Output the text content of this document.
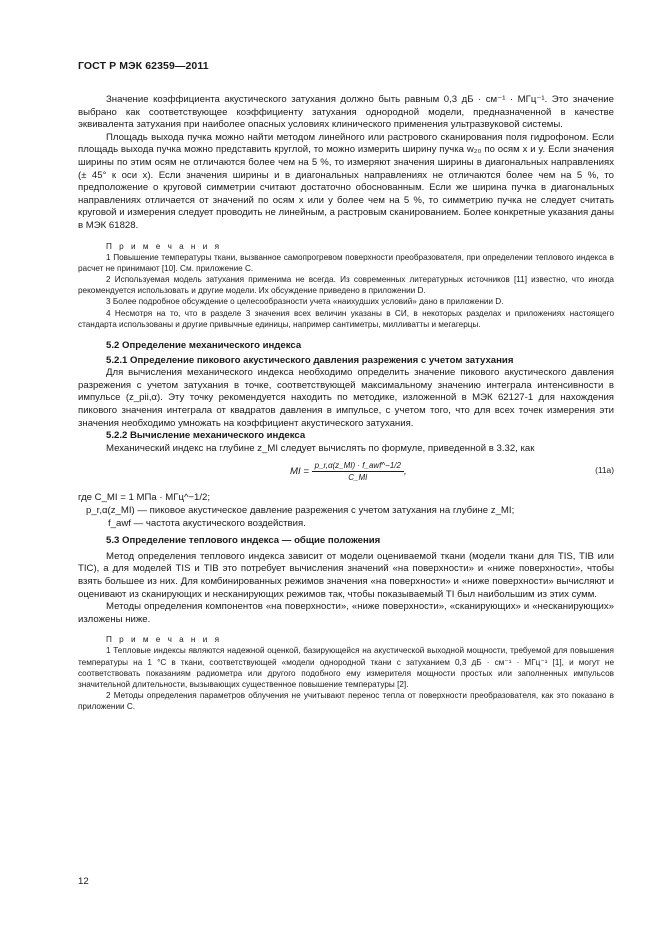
ГОСТ Р МЭК 62359—2011

Значение коэффициента акустического затухания должно быть равным 0,3 дБ · см⁻¹ · МГц⁻¹. Это значение выбрано как соответствующее коэффициенту затухания однородной модели, предназначенной в качестве эквивалента затухания при наиболее опасных условиях клинического применения ультразвуковой системы.

Площадь выхода пучка можно найти методом линейного или растрового сканирования поля гидрофоном. Если площадь выхода пучка можно представить круглой, то можно измерить ширину пучка w₂₀ по осям x и y. Если значения ширины по этим осям не отличаются более чем на 5 %, то измеряют значения ширины в диагональных направлениях (± 45° к оси x). Если значения ширины и в диагональных направлениях не отличаются более чем на 5 %, то предположение о круговой симметрии считают достаточно обоснованным. Если же ширина пучка в диагональных направлениях отличается от значений по осям x или y более чем на 5 %, то симметрию пучка не следует считать круговой и измерения следует проводить не линейным, а растровым сканированием. Более конкретные указания даны в МЭК 61828.

П р и м е ч а н и я
1 Повышение температуры ткани, вызванное самопрогревом поверхности преобразователя, при определении теплового индекса в расчет не принимают [10]. См. приложение С.
2 Используемая модель затухания применима не всегда. Из современных литературных источников [11] известно, что иногда рекомендуется использовать и другие модели. Их обсуждение приведено в приложении D.
3 Более подробное обсуждение о целесообразности учета «наихудших условий» дано в приложении D.
4 Несмотря на то, что в разделе 3 значения всех величин указаны в СИ, в некоторых разделах и приложениях настоящего стандарта использованы и другие привычные единицы, например сантиметры, милливатты и мегагерцы.
5.2 Определение механического индекса
5.2.1 Определение пикового акустического давления разрежения с учетом затухания

Для вычисления механического индекса необходимо определить значение пикового акустического давления разрежения с учетом затухания в точке, соответствующей максимальному значению интеграла интенсивности в импульсе (z_pii,α). Эту точку рекомендуется находить по методике, изложенной в МЭК 62127-1 для нахождения пикового значения интеграла от квадратов давления в импульсе, с учетом того, что для всех точек измерения эти значения необходимо умножать на коэффициент акустического затухания.

5.2.2 Вычисление механического индекса

Механический индекс на глубине z_MI следует вычислять по формуле, приведенной в 3.32, как

MI = $\frac{\text{p\_r,α(z\_MI) · f\_awf\textasciicircum{}−1/2}}{C\_MI}$ ,	(11а)

где C_MI = 1 МПа · МГц^−1/2;

p_r,α(z_MI) — пиковое акустическое давление разрежения с учетом затухания на глубине z_MI;

f_awf — частота акустического воздействия.

5.3 Определение теплового индекса — общие положения

Метод определения теплового индекса зависит от модели оцениваемой ткани (модели ткани для TIS, TIB или TIC), а для моделей TIS и TIB это потребует вычисления значений «на поверхности» и «ниже поверхности», чтобы взять большее из них. Для комбинированных режимов значения «на поверхности» и «ниже поверхности» вычисляют и оценивают из сканирующих и несканирующих режимов так, чтобы показываемый TI был наибольшим из этих сумм.

Методы определения компонентов «на поверхности», «ниже поверхности», «сканирующих» и «несканирующих» изложены ниже.

П р и м е ч а н и я
1 Тепловые индексы являются надежной оценкой, базирующейся на акустической выходной мощности, требуемой для повышения температуры на 1 °С в ткани, соответствующей «модели однородной ткани с затуханием 0,3 дБ · см⁻¹ · МГц⁻¹ [1], и могут не соответствовать показаниям радиометра или другого подобного ему измерителя мощности простых или заполненных импульсов значительной длительности, вызывающих существенное повышение температуры [2].
2 Методы определения параметров облучения не учитывают перенос тепла от поверхности преобразователя, как это показано в приложении С.
12
